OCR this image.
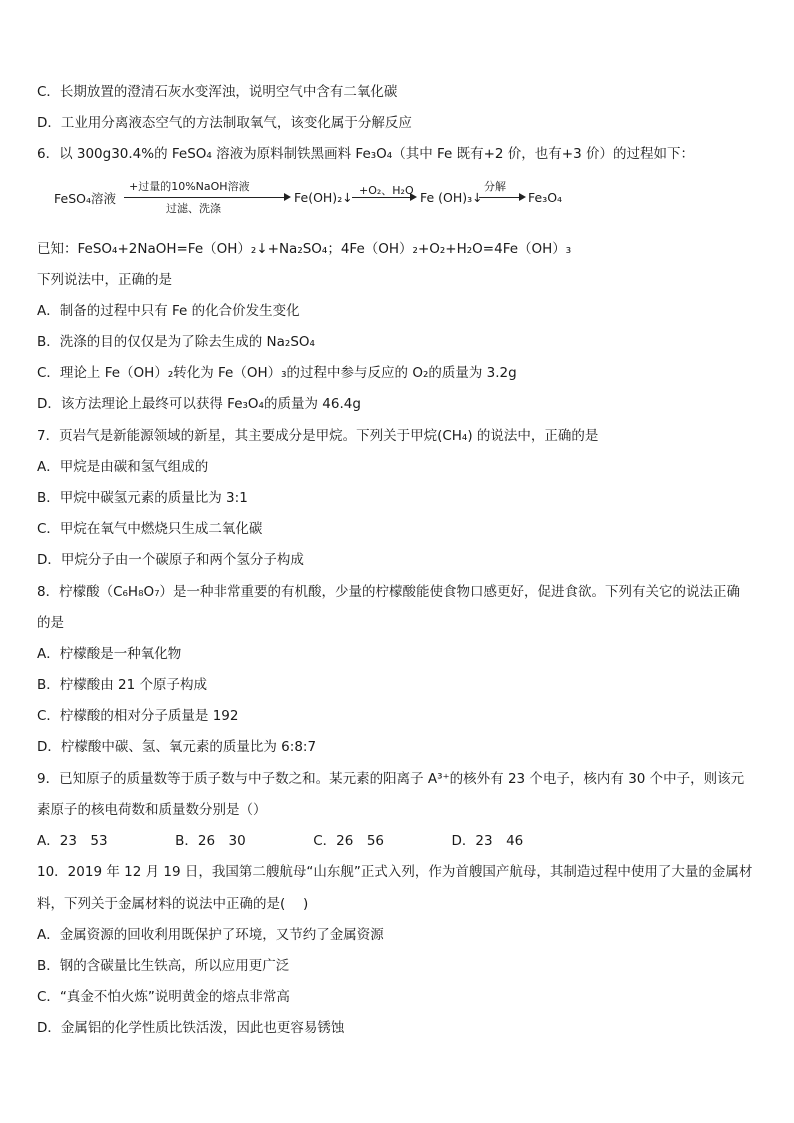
C．长期放置的澄清石灰水变浑浊，说明空气中含有二氧化碳
D．工业用分离液态空气的方法制取氧气，该变化属于分解反应
6．以 300g30.4%的 FeSO₄ 溶液为原料制铁黑画料 Fe₃O₄（其中 Fe 既有+2 价，也有+3 价）的过程如下：
FeSO₄溶液
+过量的10%NaOH溶液
过滤、洗涤
Fe(OH)₂↓ +O₂、H₂O Fe (OH)₃↓
分解
Fe₃O₄
已知：FeSO₄+2NaOH=Fe（OH）₂↓+Na₂SO₄；4Fe（OH）₂+O₂+H₂O=4Fe（OH）₃
下列说法中，正确的是
A．制备的过程中只有 Fe 的化合价发生变化
B．洗涤的目的仅仅是为了除去生成的 Na₂SO₄
C．理论上 Fe（OH）₂转化为 Fe（OH）₃的过程中参与反应的 O₂的质量为 3.2g
D．该方法理论上最终可以获得 Fe₃O₄的质量为 46.4g
7．页岩气是新能源领域的新星，其主要成分是甲烷。下列关于甲烷(CH₄) 的说法中，正确的是
A．甲烷是由碳和氢气组成的
B．甲烷中碳氢元素的质量比为 3:1
C．甲烷在氧气中燃烧只生成二氧化碳
D．甲烷分子由一个碳原子和两个氢分子构成
8．柠檬酸（C₆H₈O₇）是一种非常重要的有机酸，少量的柠檬酸能使食物口感更好，促进食欲。下列有关它的说法正确
的是
A．柠檬酸是一种氧化物
B．柠檬酸由 21 个原子构成
C．柠檬酸的相对分子质量是 192
D．柠檬酸中碳、氢、氧元素的质量比为 6:8:7
9．已知原子的质量数等于质子数与中子数之和。某元素的阳离子 A³⁺的核外有 23 个电子，核内有 30 个中子，则该元
素原子的核电荷数和质量数分别是（）
A．23　53　　　　　B．26　30　　　　　C．26　56　　　　　D．23　46
10．2019 年 12 月 19 日，我国第二艘航母“山东舰”正式入列，作为首艘国产航母，其制造过程中使用了大量的金属材
料，下列关于金属材料的说法中正确的是(　 )
A．金属资源的回收利用既保护了环境，又节约了金属资源
B．钢的含碳量比生铁高，所以应用更广泛
C．“真金不怕火炼”说明黄金的熔点非常高
D．金属铝的化学性质比铁活泼，因此也更容易锈蚀
